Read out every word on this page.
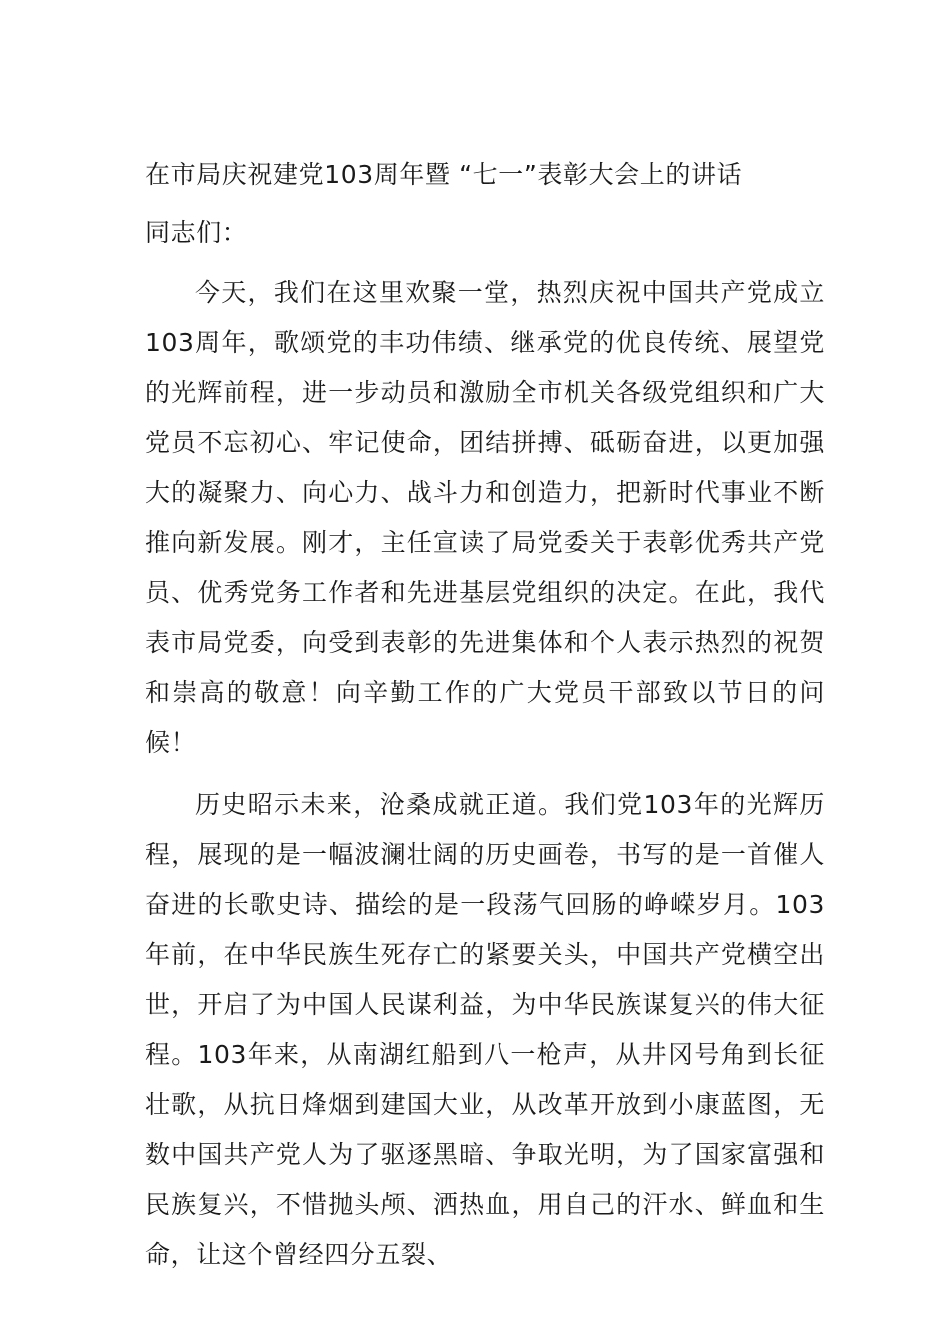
在市局庆祝建党103周年暨 “七一”表彰大会上的讲话

同志们：

今天，我们在这里欢聚一堂，热烈庆祝中国共产党成立103周年，歌颂党的丰功伟绩、继承党的优良传统、展望党的光辉前程，进一步动员和激励全市机关各级党组织和广大党员不忘初心、牢记使命，团结拼搏、砥砺奋进，以更加强大的凝聚力、向心力、战斗力和创造力，把新时代事业不断推向新发展。刚才，主任宣读了局党委关于表彰优秀共产党员、优秀党务工作者和先进基层党组织的决定。在此，我代表市局党委，向受到表彰的先进集体和个人表示热烈的祝贺和崇高的敬意！向辛勤工作的广大党员干部致以节日的问候！

历史昭示未来，沧桑成就正道。我们党103年的光辉历程，展现的是一幅波澜壮阔的历史画卷，书写的是一首催人奋进的长歌史诗、描绘的是一段荡气回肠的峥嵘岁月。103年前，在中华民族生死存亡的紧要关头，中国共产党横空出世，开启了为中国人民谋利益，为中华民族谋复兴的伟大征程。103年来，从南湖红船到八一枪声，从井冈号角到长征壮歌，从抗日烽烟到建国大业，从改革开放到小康蓝图，无数中国共产党人为了驱逐黑暗、争取光明，为了国家富强和民族复兴，不惜抛头颅、洒热血，用自己的汗水、鲜血和生命，让这个曾经四分五裂、
